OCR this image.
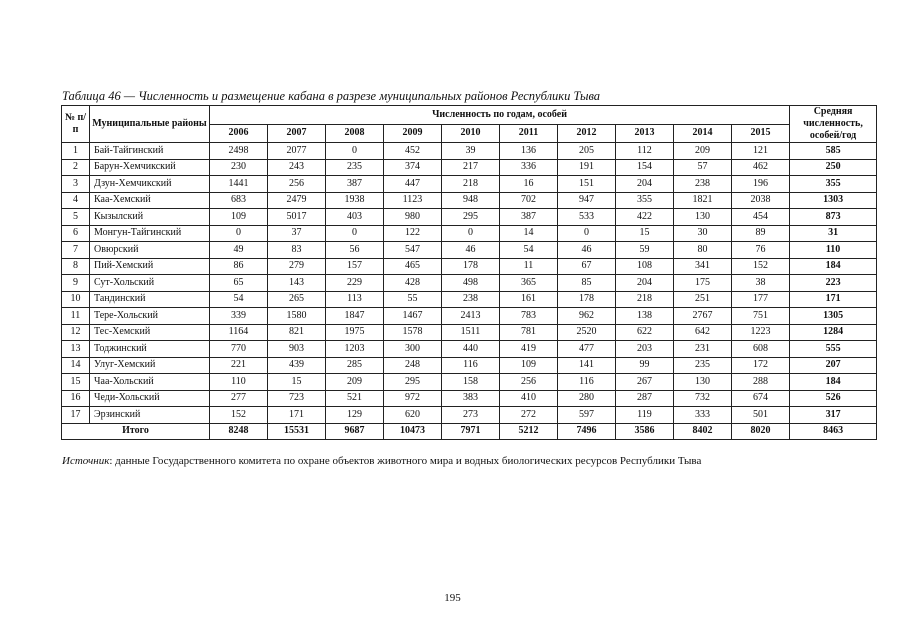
Таблица 46 — Численность и размещение кабана в разрезе муниципальных районов Республики Тыва
№ п/п	Муниципальные районы	Численность по годам, особей										Средняя численность, особей/год
		2006	2007	2008	2009	2010	2011	2012	2013	2014	2015	
1	Бай-Тайгинский	2498	2077	0	452	39	136	205	112	209	121	585
2	Барун-Хемчикский	230	243	235	374	217	336	191	154	57	462	250
3	Дзун-Хемчикский	1441	256	387	447	218	16	151	204	238	196	355
4	Каа-Хемский	683	2479	1938	1123	948	702	947	355	1821	2038	1303
5	Кызылский	109	5017	403	980	295	387	533	422	130	454	873
6	Монгун-Тайгинский	0	37	0	122	0	14	0	15	30	89	31
7	Овюрский	49	83	56	547	46	54	46	59	80	76	110
8	Пий-Хемский	86	279	157	465	178	11	67	108	341	152	184
9	Сут-Хольский	65	143	229	428	498	365	85	204	175	38	223
10	Тандинский	54	265	113	55	238	161	178	218	251	177	171
11	Тере-Хольский	339	1580	1847	1467	2413	783	962	138	2767	751	1305
12	Тес-Хемский	1164	821	1975	1578	1511	781	2520	622	642	1223	1284
13	Тоджинский	770	903	1203	300	440	419	477	203	231	608	555
14	Улуг-Хемский	221	439	285	248	116	109	141	99	235	172	207
15	Чаа-Хольский	110	15	209	295	158	256	116	267	130	288	184
16	Чеди-Хольский	277	723	521	972	383	410	280	287	732	674	526
17	Эрзинский	152	171	129	620	273	272	597	119	333	501	317
Итого		8248	15531	9687	10473	7971	5212	7496	3586	8402	8020	8463
Источник: данные Государственного комитета по охране объектов животного мира и водных биологических ресурсов Республики Тыва
195
